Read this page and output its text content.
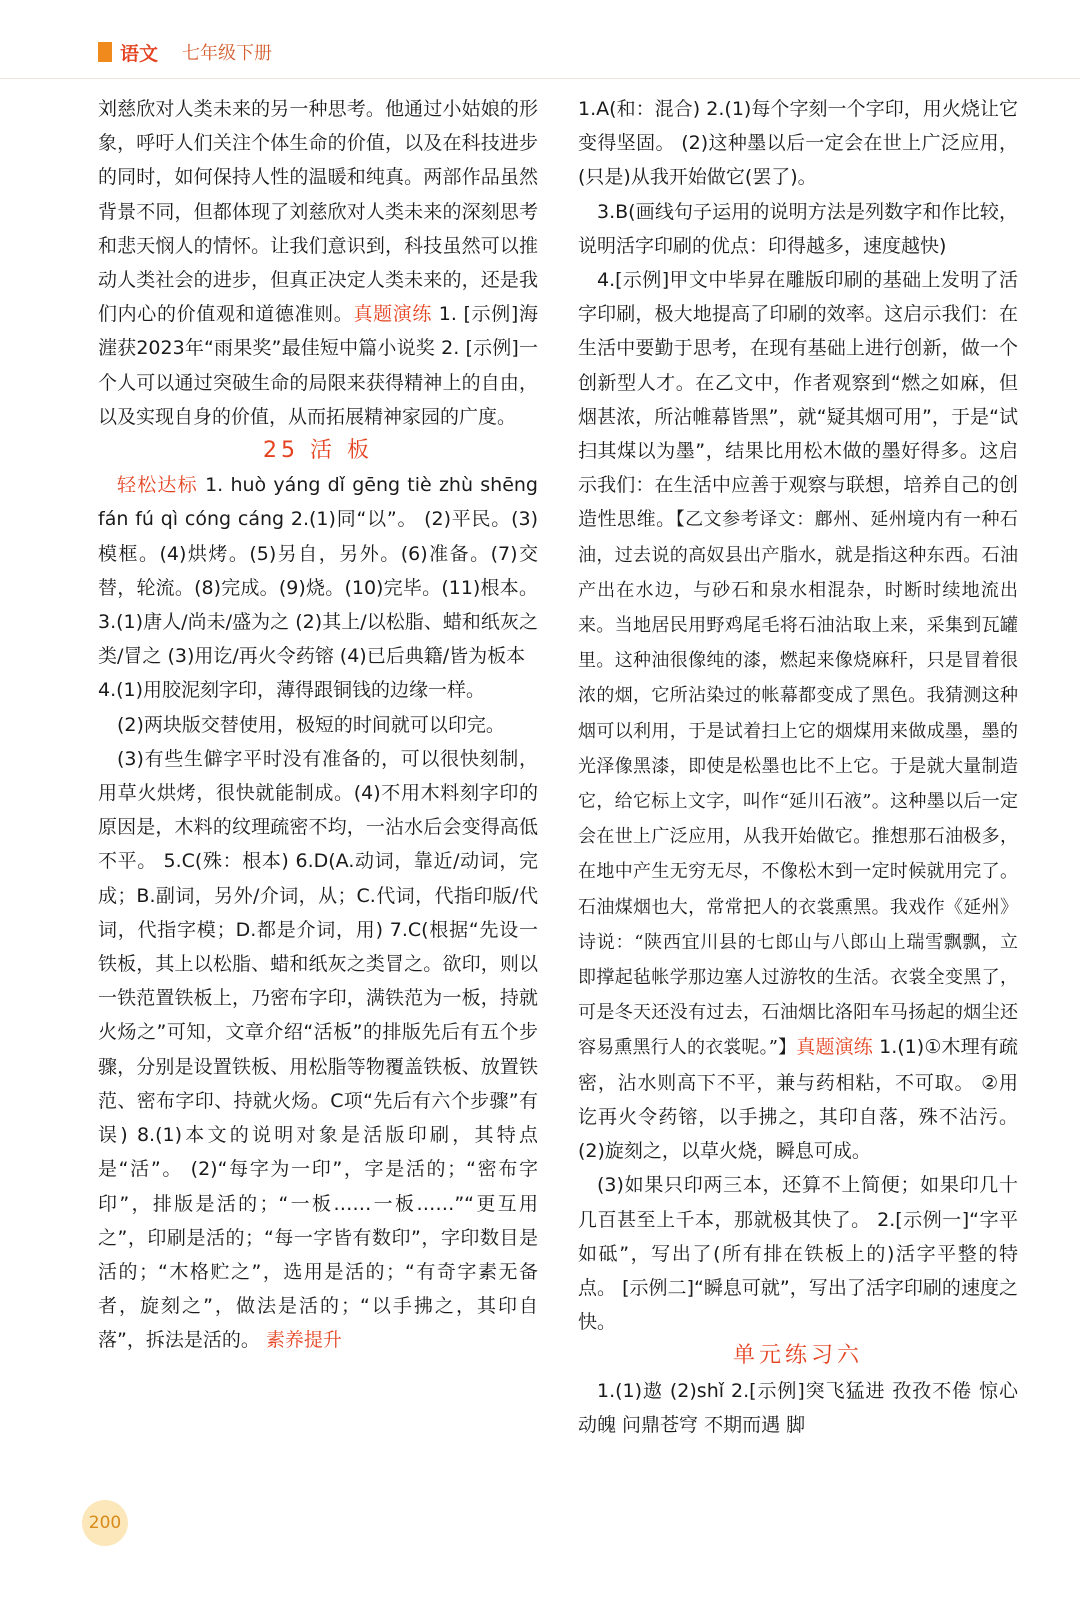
语文 七年级下册

刘慈欣对人类未来的另一种思考。他通过小姑娘的形象，呼吁人们关注个体生命的价值，以及在科技进步的同时，如何保持人性的温暖和纯真。两部作品虽然背景不同，但都体现了刘慈欣对人类未来的深刻思考和悲天悯人的情怀。让我们意识到，科技虽然可以推动人类社会的进步，但真正决定人类未来的，还是我们内心的价值观和道德准则。真题演练 1. [示例]海漄获2023年“雨果奖”最佳短中篇小说奖 2. [示例]一个人可以通过突破生命的局限来获得精神上的自由，以及实现自身的价值，从而拓展精神家园的广度。

25 活 板

轻松达标 1. huò yáng dǐ gēng tiè zhù shēng fán fú qì cóng cáng 2.(1)同“以”。 (2)平民。(3)模框。(4)烘烤。(5)另自，另外。(6)准备。(7)交替，轮流。(8)完成。(9)烧。(10)完毕。(11)根本。 3.(1)唐人/尚未/盛为之 (2)其上/以松脂、蜡和纸灰之类/冒之 (3)用讫/再火令药镕 (4)已后典籍/皆为板本

4.(1)用胶泥刻字印，薄得跟铜钱的边缘一样。

(2)两块版交替使用，极短的时间就可以印完。

(3)有些生僻字平时没有准备的，可以很快刻制，用草火烘烤，很快就能制成。(4)不用木料刻字印的原因是，木料的纹理疏密不均，一沾水后会变得高低不平。 5.C(殊：根本) 6.D(A.动词，靠近/动词，完成；B.副词，另外/介词，从；C.代词，代指印版/代词，代指字模；D.都是介词，用) 7.C(根据“先设一铁板，其上以松脂、蜡和纸灰之类冒之。欲印，则以一铁范置铁板上，乃密布字印，满铁范为一板，持就火炀之”可知，文章介绍“活板”的排版先后有五个步骤，分别是设置铁板、用松脂等物覆盖铁板、放置铁范、密布字印、持就火炀。C项“先后有六个步骤”有误) 8.(1)本文的说明对象是活版印刷，其特点是“活”。 (2)“每字为一印”，字是活的；“密布字印”，排版是活的；“一板……一板……”“更互用之”，印刷是活的；“每一字皆有数印”，字印数目是活的；“木格贮之”，选用是活的；“有奇字素无备者，旋刻之”，做法是活的；“以手拂之，其印自落”，拆法是活的。 素养提升

1.A(和：混合) 2.(1)每个字刻一个字印，用火烧让它变得坚固。 (2)这种墨以后一定会在世上广泛应用，(只是)从我开始做它(罢了)。

3.B(画线句子运用的说明方法是列数字和作比较，说明活字印刷的优点：印得越多，速度越快)

4.[示例]甲文中毕昇在雕版印刷的基础上发明了活字印刷，极大地提高了印刷的效率。这启示我们：在生活中要勤于思考，在现有基础上进行创新，做一个创新型人才。在乙文中，作者观察到“燃之如麻，但烟甚浓，所沾帷幕皆黑”，就“疑其烟可用”，于是“试扫其煤以为墨”，结果比用松木做的墨好得多。这启示我们：在生活中应善于观察与联想，培养自己的创造性思维。【乙文参考译文：鄜州、延州境内有一种石油，过去说的高奴县出产脂水，就是指这种东西。石油产出在水边，与砂石和泉水相混杂，时断时续地流出来。当地居民用野鸡尾毛将石油沾取上来，采集到瓦罐里。这种油很像纯的漆，燃起来像烧麻秆，只是冒着很浓的烟，它所沾染过的帐幕都变成了黑色。我猜测这种烟可以利用，于是试着扫上它的烟煤用来做成墨，墨的光泽像黑漆，即使是松墨也比不上它。于是就大量制造它，给它标上文字，叫作“延川石液”。这种墨以后一定会在世上广泛应用，从我开始做它。推想那石油极多，在地中产生无穷无尽，不像松木到一定时候就用完了。石油煤烟也大，常常把人的衣裳熏黑。我戏作《延州》诗说：“陕西宜川县的七郎山与八郎山上瑞雪飘飘，立即撑起毡帐学那边塞人过游牧的生活。衣裳全变黑了，可是冬天还没有过去，石油烟比洛阳车马扬起的烟尘还容易熏黑行人的衣裳呢。”】真题演练 1.(1)①木理有疏密，沾水则高下不平，兼与药相粘，不可取。 ②用讫再火令药镕，以手拂之，其印自落，殊不沾污。 (2)旋刻之，以草火烧，瞬息可成。

(3)如果只印两三本，还算不上简便；如果印几十几百甚至上千本，那就极其快了。 2.[示例一]“字平如砥”，写出了(所有排在铁板上的)活字平整的特点。 [示例二]“瞬息可就”，写出了活字印刷的速度之快。

单元练习六

1.(1)遨 (2)shǐ 2.[示例]突飞猛进 孜孜不倦 惊心动魄 问鼎苍穹 不期而遇 脚

200
